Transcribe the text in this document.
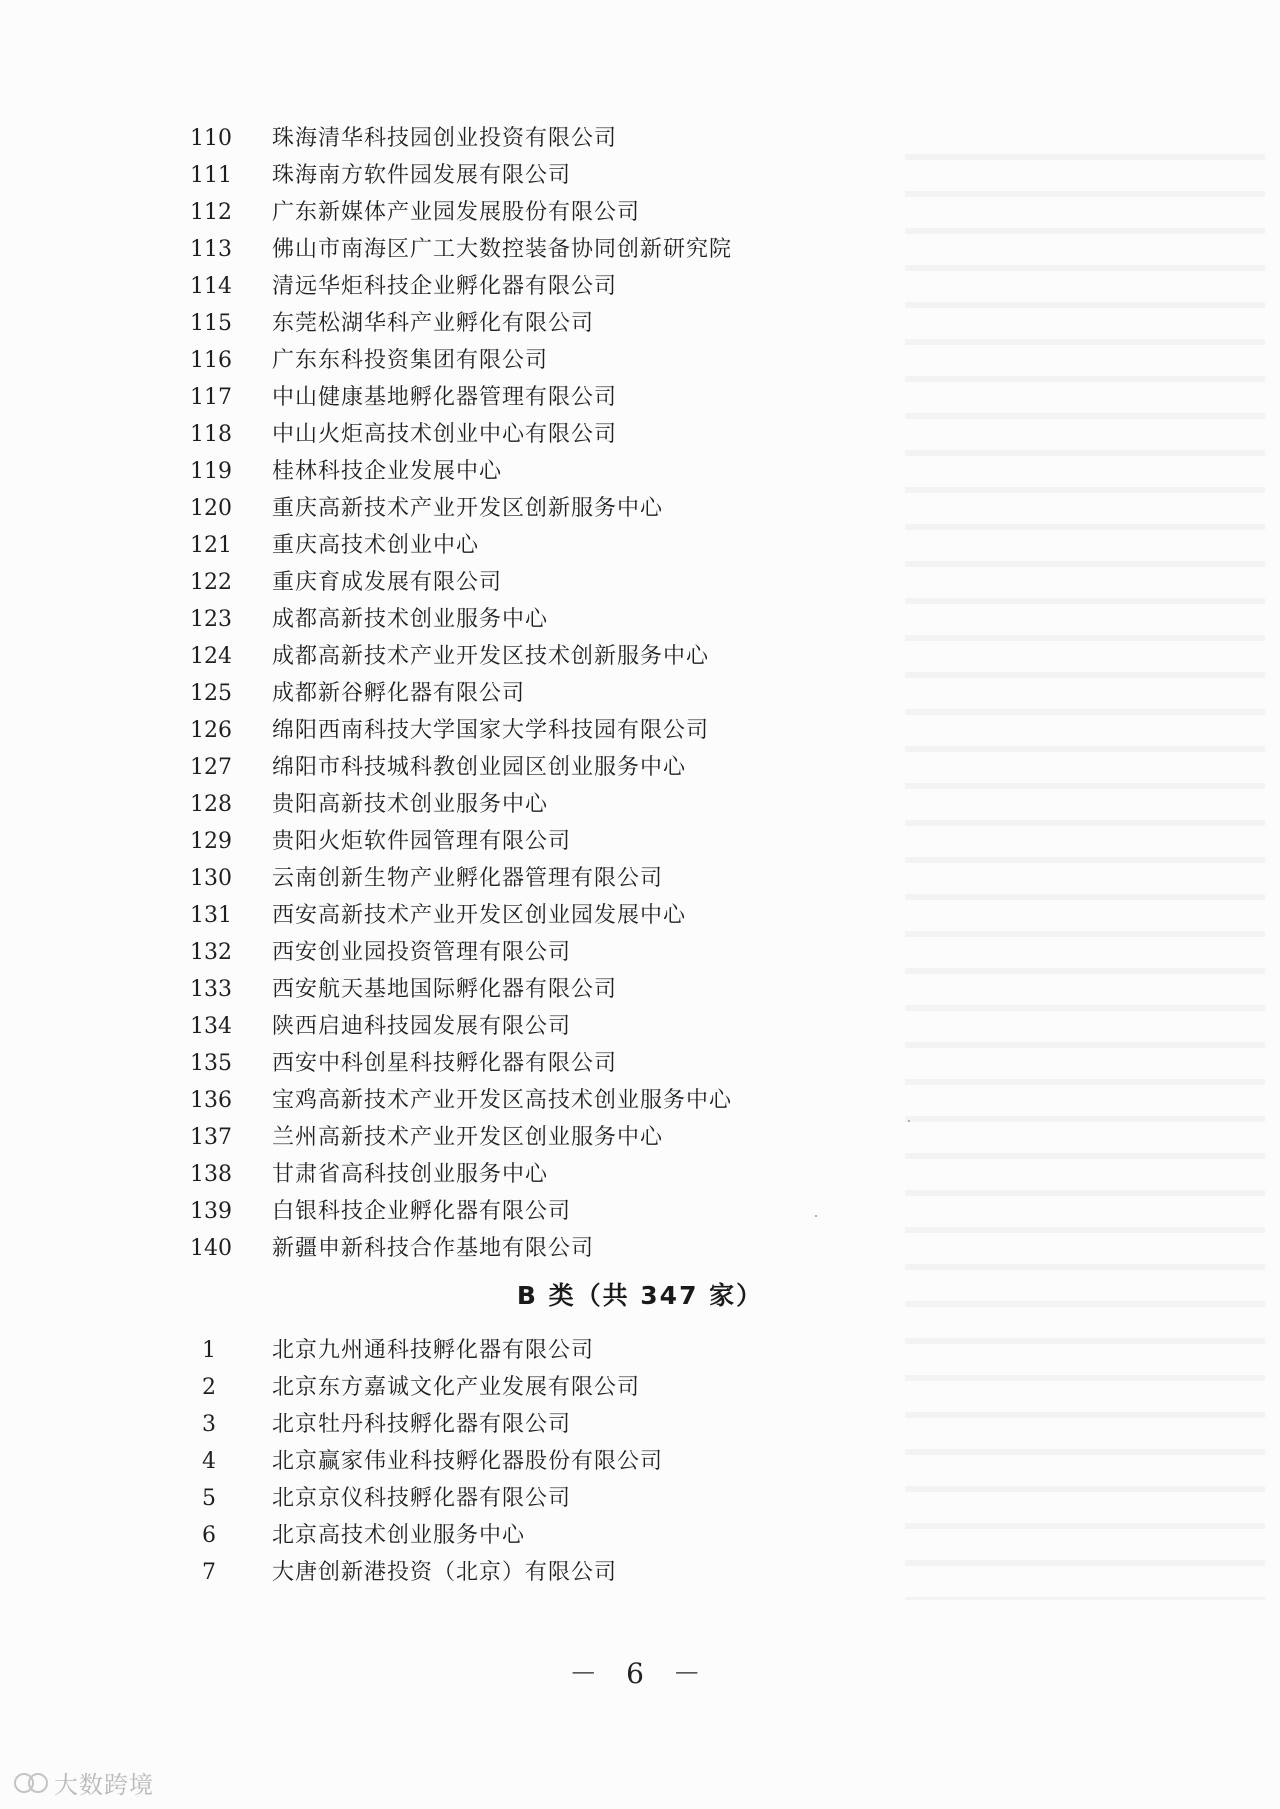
110 珠海清华科技园创业投资有限公司
111 珠海南方软件园发展有限公司
112 广东新媒体产业园发展股份有限公司
113 佛山市南海区广工大数控装备协同创新研究院
114 清远华炬科技企业孵化器有限公司
115 东莞松湖华科产业孵化有限公司
116 广东东科投资集团有限公司
117 中山健康基地孵化器管理有限公司
118 中山火炬高技术创业中心有限公司
119 桂林科技企业发展中心
120 重庆高新技术产业开发区创新服务中心
121 重庆高技术创业中心
122 重庆育成发展有限公司
123 成都高新技术创业服务中心
124 成都高新技术产业开发区技术创新服务中心
125 成都新谷孵化器有限公司
126 绵阳西南科技大学国家大学科技园有限公司
127 绵阳市科技城科教创业园区创业服务中心
128 贵阳高新技术创业服务中心
129 贵阳火炬软件园管理有限公司
130 云南创新生物产业孵化器管理有限公司
131 西安高新技术产业开发区创业园发展中心
132 西安创业园投资管理有限公司
133 西安航天基地国际孵化器有限公司
134 陕西启迪科技园发展有限公司
135 西安中科创星科技孵化器有限公司
136 宝鸡高新技术产业开发区高技术创业服务中心
137 兰州高新技术产业开发区创业服务中心
138 甘肃省高科技创业服务中心
139 白银科技企业孵化器有限公司
140 新疆申新科技合作基地有限公司
B 类（共 347 家）
1	北京九州通科技孵化器有限公司
2	北京东方嘉诚文化产业发展有限公司
3	北京牡丹科技孵化器有限公司
4	北京赢家伟业科技孵化器股份有限公司
5	北京京仪科技孵化器有限公司
6	北京高技术创业服务中心
7	大唐创新港投资（北京）有限公司
－ 6 －
大数跨境
